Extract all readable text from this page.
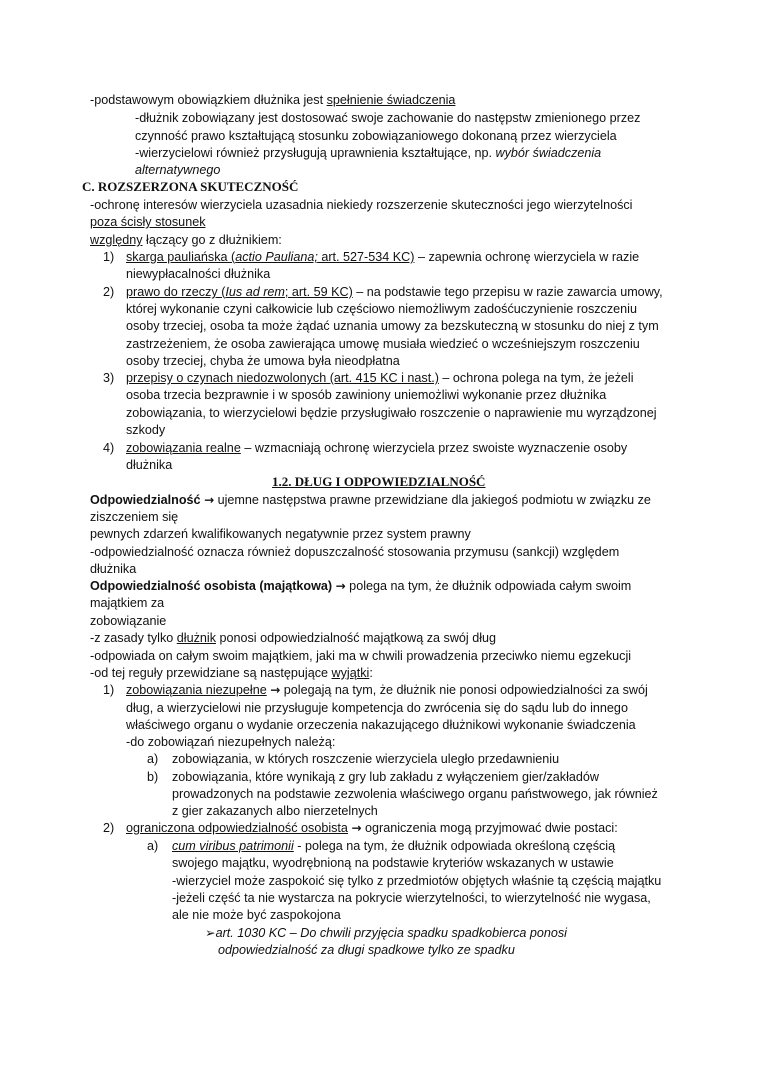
-podstawowym obowiązkiem dłużnika jest spełnienie świadczenia
-dłużnik zobowiązany jest dostosować swoje zachowanie do następstw zmienionego przez
czynność prawo kształtującą stosunku zobowiązaniowego dokonaną przez wierzyciela
-wierzycielowi również przysługują uprawnienia kształtujące, np. wybór świadczenia
alternatywnego
C. ROZSZERZONA SKUTECZNOŚĆ
-ochronę interesów wierzyciela uzasadnia niekiedy rozszerzenie skuteczności jego wierzytelności
poza ścisły stosunek
względny łączący go z dłużnikiem:
1) skarga pauliańska (actio Pauliana; art. 527-534 KC) – zapewnia ochronę wierzyciela w razie
niewypłacalności dłużnika
2) prawo do rzeczy (Ius ad rem; art. 59 KC) – na podstawie tego przepisu w razie zawarcia umowy,
której wykonanie czyni całkowicie lub częściowo niemożliwym zadośćuczynienie roszczeniu
osoby trzeciej, osoba ta może żądać uznania umowy za bezskuteczną w stosunku do niej z tym
zastrzeżeniem, że osoba zawierająca umowę musiała wiedzieć o wcześniejszym roszczeniu
osoby trzeciej, chyba że umowa była nieodpłatna
3) przepisy o czynach niedozwolonych (art. 415 KC i nast.) – ochrona polega na tym, że jeżeli
osoba trzecia bezprawnie i w sposób zawiniony uniemożliwi wykonanie przez dłużnika
zobowiązania, to wierzycielowi będzie przysługiwało roszczenie o naprawienie mu wyrządzonej
szkody
4) zobowiązania realne – wzmacniają ochronę wierzyciela przez swoiste wyznaczenie osoby
dłużnika
1.2. DŁUG I ODPOWIEDZIALNOŚĆ
Odpowiedzialność → ujemne następstwa prawne przewidziane dla jakiegoś podmiotu w związku ze
ziszczeniem się
pewnych zdarzeń kwalifikowanych negatywnie przez system prawny
-odpowiedzialność oznacza również dopuszczalność stosowania przymusu (sankcji) względem
dłużnika
Odpowiedzialność osobista (majątkowa) → polega na tym, że dłużnik odpowiada całym swoim
majątkiem za
zobowiązanie
-z zasady tylko dłużnik ponosi odpowiedzialność majątkową za swój dług
-odpowiada on całym swoim majątkiem, jaki ma w chwili prowadzenia przeciwko niemu egzekucji
-od tej reguły przewidziane są następujące wyjątki:
1) zobowiązania niezupełne → polegają na tym, że dłużnik nie ponosi odpowiedzialności za swój
dług, a wierzycielowi nie przysługuje kompetencja do zwrócenia się do sądu lub do innego
właściwego organu o wydanie orzeczenia nakazującego dłużnikowi wykonanie świadczenia
-do zobowiązań niezupełnych należą:
a) zobowiązania, w których roszczenie wierzyciela uległo przedawnieniu
b) zobowiązania, które wynikają z gry lub zakładu z wyłączeniem gier/zakładów
prowadzonych na podstawie zezwolenia właściwego organu państwowego, jak również
z gier zakazanych albo nierzetelnych
2) ograniczona odpowiedzialność osobista → ograniczenia mogą przyjmować dwie postaci:
a) cum viribus patrimonii - polega na tym, że dłużnik odpowiada określoną częścią
swojego majątku, wyodrębnioną na podstawie kryteriów wskazanych w ustawie
-wierzyciel może zaspokoić się tylko z przedmiotów objętych właśnie tą częścią majątku
-jeżeli część ta nie wystarcza na pokrycie wierzytelności, to wierzytelność nie wygasa,
ale nie może być zaspokojona
➢art. 1030 KC – Do chwili przyjęcia spadku spadkobierca ponosi
odpowiedzialność za długi spadkowe tylko ze spadku
